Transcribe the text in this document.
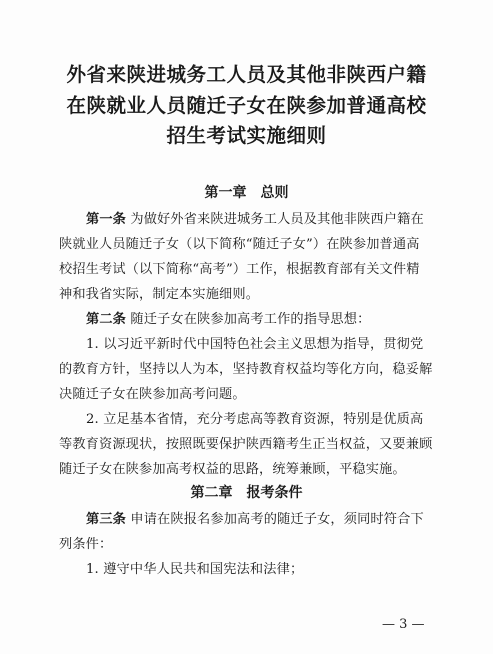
外省来陕进城务工人员及其他非陕西户籍
在陕就业人员随迁子女在陕参加普通高校
招生考试实施细则
第一章 总则
第一条 为做好外省来陕进城务工人员及其他非陕西户籍在
陕就业人员随迁子女（以下简称“随迁子女”）在陕参加普通高
校招生考试（以下简称“高考”）工作，根据教育部有关文件精
神和我省实际，制定本实施细则。
第二条 随迁子女在陕参加高考工作的指导思想：
1. 以习近平新时代中国特色社会主义思想为指导，贯彻党
的教育方针，坚持以人为本，坚持教育权益均等化方向，稳妥解
决随迁子女在陕参加高考问题。
2. 立足基本省情，充分考虑高等教育资源，特别是优质高
等教育资源现状，按照既要保护陕西籍考生正当权益，又要兼顾
随迁子女在陕参加高考权益的思路，统筹兼顾，平稳实施。
第二章 报考条件
第三条 申请在陕报名参加高考的随迁子女，须同时符合下
列条件：
1. 遵守中华人民共和国宪法和法律；
— 3 —
